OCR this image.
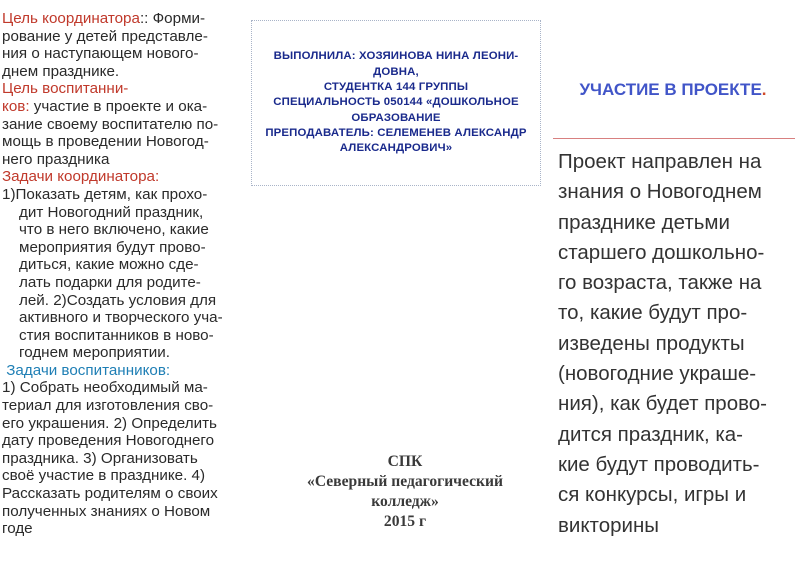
Цель координатора:: Форми-
рование у детей представле-
ния о наступающем нового-
днем празднике.

Цель воспитанни-
ков: участие в проекте и ока-
зание своему воспитателю по-
мощь в проведении Новогод-
него праздника

Задачи координатора:

1)Показать детям, как прохо-
дит Новогодний праздник,
что в него включено, какие
мероприятия будут прово-
диться, какие можно сде-
лать подарки для родите-
лей. 2)Создать условия для
активного и творческого уча-
стия воспитанников в ново-
годнем мероприятии.

Задачи воспитанников:

1) Собрать необходимый ма-
териал для изготовления сво-
его украшения. 2) Определить
дату проведения Новогоднего
праздника. 3) Организовать
своё участие в празднике. 4)
Рассказать родителям о своих
полученных знаниях о Новом
годе

ВЫПОЛНИЛА: ХОЗЯИНОВА НИНА ЛЕОНИ-
ДОВНА,
СТУДЕНТКА 144 ГРУППЫ
СПЕЦИАЛЬНОСТЬ 050144 «ДОШКОЛЬНОЕ
ОБРАЗОВАНИЕ
ПРЕПОДАВАТЕЛЬ: СЕЛЕМЕНЕВ АЛЕКСАНДР
АЛЕКСАНДРОВИЧ»
СПК
«Северный педагогический
колледж»
2015 г
УЧАСТИЕ В ПРОЕКТЕ.
Проект направлен на
знания о Новогоднем
празднике детьми
старшего дошкольно-
го возраста, также на
то, какие будут про-
изведены продукты
(новогодние украше-
ния), как будет прово-
дится праздник, ка-
кие будут проводить-
ся конкурсы, игры и
викторины
